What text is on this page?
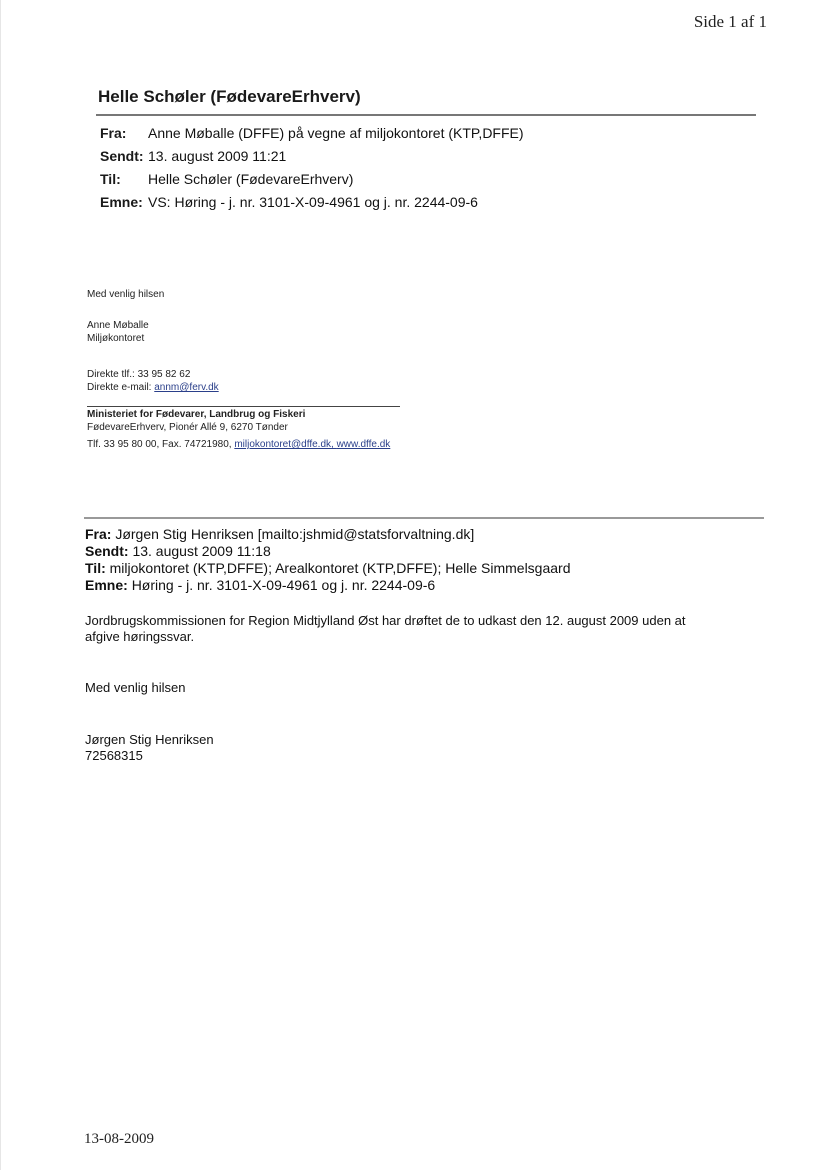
Side 1 af 1
Helle Schøler (FødevareErhverv)
Fra: Anne Møballe (DFFE) på vegne af miljokontoret (KTP,DFFE)
Sendt: 13. august 2009 11:21
Til: Helle Schøler (FødevareErhverv)
Emne: VS: Høring - j. nr. 3101-X-09-4961 og j. nr. 2244-09-6
Med venlig hilsen
Anne Møballe
Miljøkontoret
Direkte tlf.: 33 95 82 62
Direkte e-mail: annm@ferv.dk
Ministeriet for Fødevarer, Landbrug og Fiskeri
FødevareErhverv, Pionér Allé 9, 6270 Tønder
Tlf. 33 95 80 00, Fax. 74721980, miljokontoret@dffe.dk, www.dffe.dk
Fra: Jørgen Stig Henriksen [mailto:jshmid@statsforvaltning.dk]
Sendt: 13. august 2009 11:18
Til: miljokontoret (KTP,DFFE); Arealkontoret (KTP,DFFE); Helle Simmelsgaard
Emne: Høring - j. nr. 3101-X-09-4961 og j. nr. 2244-09-6
Jordbrugskommissionen for Region Midtjylland Øst har drøftet de to udkast den 12. august 2009 uden at
afgive høringssvar.
Med venlig hilsen
Jørgen Stig Henriksen
72568315
13-08-2009
